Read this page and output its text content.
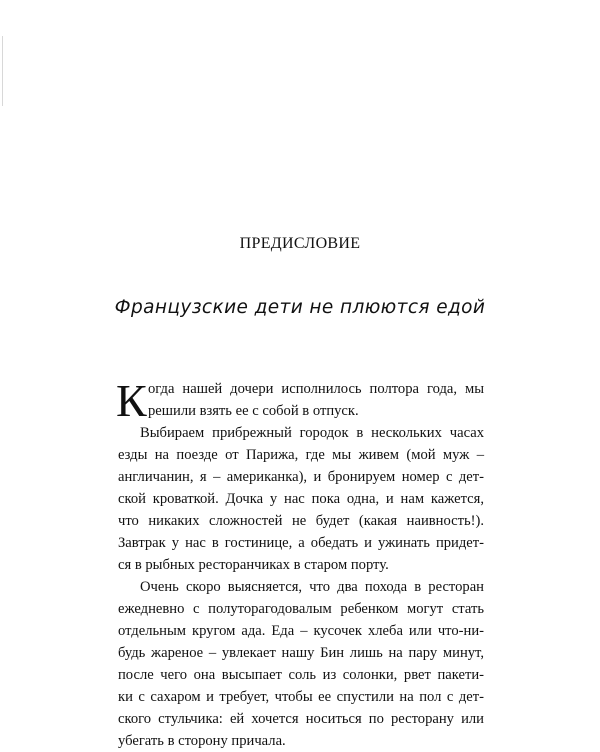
ПРЕДИСЛОВИЕ
Французские дети не плюются едой
К огда нашей дочери исполнилось полтора года, мы
решили взять ее с собой в отпуск.
Выбираем прибрежный городок в нескольких часах
езды на поезде от Парижа, где мы живем (мой муж –
англичанин, я – американка), и бронируем номер с дет-
ской кроваткой. Дочка у нас пока одна, и нам кажется,
что никаких сложностей не будет (какая наивность!).
Завтрак у нас в гостинице, а обедать и ужинать придет-
ся в рыбных ресторанчиках в старом порту.
Очень скоро выясняется, что два похода в ресторан
ежедневно с полуторагодовалым ребенком могут стать
отдельным кругом ада. Еда – кусочек хлеба или что-ни-
будь жареное – увлекает нашу Бин лишь на пару минут,
после чего она высыпает соль из солонки, рвет пакети-
ки с сахаром и требует, чтобы ее спустили на пол с дет-
ского стульчика: ей хочется носиться по ресторану или
убегать в сторону причала.
